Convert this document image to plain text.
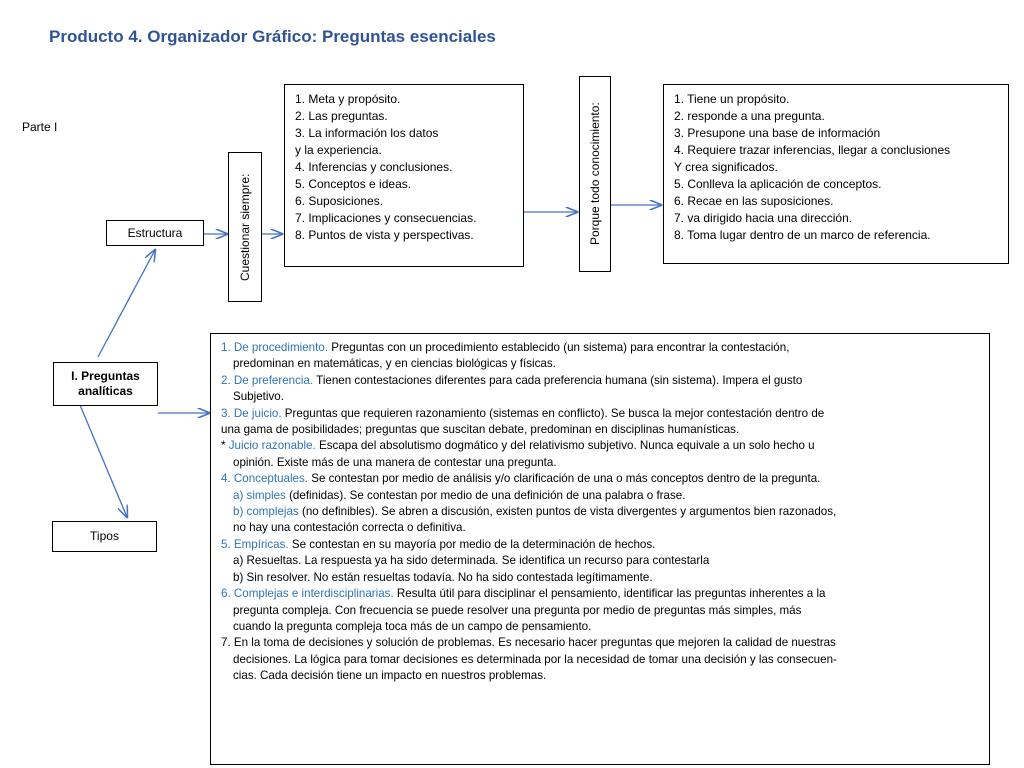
Producto 4. Organizador Gráfico: Preguntas esenciales
Parte I
Estructura	Cuestionar siempre:
1. Meta y propósito.
2. Las preguntas.
3. La información los datos
y la experiencia.
4. Inferencias y conclusiones.
5. Conceptos e ideas.
6. Suposiciones.
7. Implicaciones y consecuencias.
8. Puntos de vista y perspectivas.	Porque todo conocimiento:
1. Tiene un propósito.
2. responde a una pregunta.
3. Presupone una base de información
4. Requiere trazar inferencias, llegar a conclusiones
Y crea significados.
5. Conlleva la aplicación de conceptos.
6. Recae en las suposiciones.
7. va dirigido hacia una dirección.
8. Toma lugar dentro de un marco de referencia.
I. Preguntas analíticas
Tipos

1. De procedimiento. Preguntas con un procedimiento establecido (un sistema) para encontrar la contestación,

predominan en matemáticas, y en ciencias biológicas y físicas.

2. De preferencia. Tienen contestaciones diferentes para cada preferencia humana (sin sistema). Impera el gusto

Subjetivo.

3. De juicio. Preguntas que requieren razonamiento (sistemas en conflicto). Se busca la mejor contestación dentro de

una gama de posibilidades; preguntas que suscitan debate, predominan en disciplinas humanísticas.

* Juicio razonable. Escapa del absolutismo dogmático y del relativismo subjetivo. Nunca equivale a un solo hecho u

opinión. Existe más de una manera de contestar una pregunta.

4. Conceptuales. Se contestan por medio de análisis y/o clarificación de una o más conceptos dentro de la pregunta.

a) simples (definidas). Se contestan por medio de una definición de una palabra o frase.

b) complejas (no definibles). Se abren a discusión, existen puntos de vista divergentes y argumentos bien razonados,

no hay una contestación correcta o definitiva.

5. Empíricas. Se contestan en su mayoría por medio de la determinación de hechos.

a) Resueltas. La respuesta ya ha sido determinada. Se identifica un recurso para contestarla

b) Sin resolver. No están resueltas todavía. No ha sido contestada legítimamente.

6. Complejas e interdisciplinarias. Resulta útil para disciplinar el pensamiento, identificar las preguntas inherentes a la

pregunta compleja. Con frecuencia se puede resolver una pregunta por medio de preguntas más simples, más

cuando la pregunta compleja toca más de un campo de pensamiento.

7. En la toma de decisiones y solución de problemas. Es necesario hacer preguntas que mejoren la calidad de nuestras

decisiones. La lógica para tomar decisiones es determinada por la necesidad de tomar una decisión y las consecuen-

cias. Cada decisión tiene un impacto en nuestros problemas.
